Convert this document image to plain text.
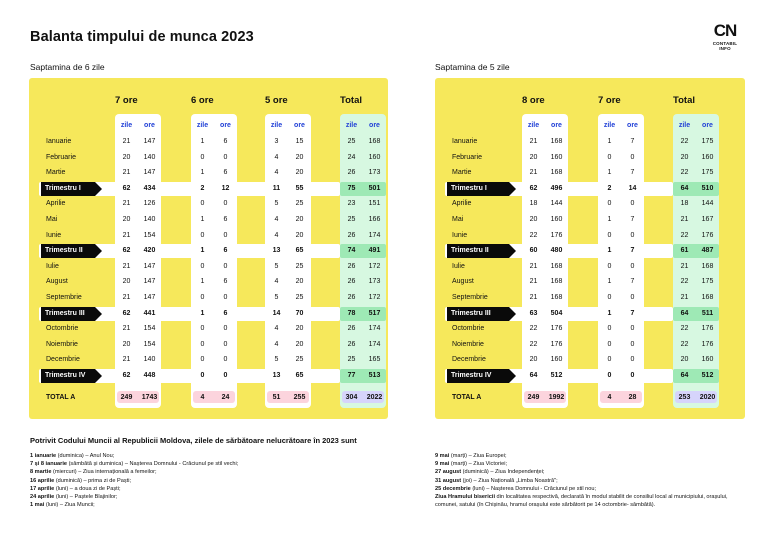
Balanta timpului de munca 2023	CN
CONTABIL INFO
Saptamina de 6 zile	Saptamina de 5 zile
7 ore	6 ore	5 ore	Total
zile	ore	zile	ore	zile	ore	zile	ore
Ianuarie	21	147	1	6	3	15	25	168
Februarie	20	140	0	0	4	20	24	160
Martie	21	147	1	6	4	20	26	173
Trimestru I	62	434	2	12	11	55	75	501
Aprilie	21	126	0	0	5	25	23	151
Mai	20	140	1	6	4	20	25	166
Iunie	21	154	0	0	4	20	26	174
Trimestru II	62	420	1	6	13	65	74	491
Iulie	21	147	0	0	5	25	26	172
August	20	147	1	6	4	20	26	173
Septembrie	21	147	0	0	5	25	26	172
Trimestru III	62	441	1	6	14	70	78	517
Octombrie	21	154	0	0	4	20	26	174
Noiembrie	20	154	0	0	4	20	26	174
Decembrie	21	140	0	0	5	25	25	165
Trimestru IV	62	448	0	0	13	65	77	513
TOTAL A	249	1743	4	24	51	255	304	2022
8 ore	7 ore	Total
zile	ore	zile	ore	zile	ore
Ianuarie	21	168	1	7	22	175
Februarie	20	160	0	0	20	160
Martie	21	168	1	7	22	175
Trimestru I	62	496	2	14	64	510
Aprilie	18	144	0	0	18	144
Mai	20	160	1	7	21	167
Iunie	22	176	0	0	22	176
Trimestru II	60	480	1	7	61	487
Iulie	21	168	0	0	21	168
August	21	168	1	7	22	175
Septembrie	21	168	0	0	21	168
Trimestru III	63	504	1	7	64	511
Octombrie	22	176	0	0	22	176
Noiembrie	22	176	0	0	22	176
Decembrie	20	160	0	0	20	160
Trimestru IV	64	512	0	0	64	512
TOTAL A	249	1992	4	28	253	2020
Potrivit Codului Muncii al Republicii Moldova, zilele de sărbătoare nelucrătoare în 2023 sunt
1 ianuarie (duminica) – Anul Nou;
7 și 8 ianuarie (sâmbătă și duminica) – Nașterea Domnului - Crăciunul pe stil vechi;
8 martie (miercuri) – Ziua internațională a femeilor;
16 aprilie (duminică) – prima zi de Paști;
17 aprilie (luni) – a doua zi de Paști;
24 aprilie (luni) – Paștele Blajinilor;
1 mai (luni) – Ziua Muncii;
9 mai (marți) – Ziua Europei;
9 mai (marți) – Ziua Victoriei;
27 august (duminică) – Ziua Independenței;
31 august (joi) – Ziua Națională „Limba Noastră";
25 decembrie (luni) – Nașterea Domnului - Crăciunul pe stil nou;
Ziua Hramului bisericii din localitatea respectivă, declarată în modul stabilit de consiliul local al municipiului, orașului, comunei, satului (în Chișinău, hramul orașului este sărbătorit pe 14 octombrie- sâmbătă).
